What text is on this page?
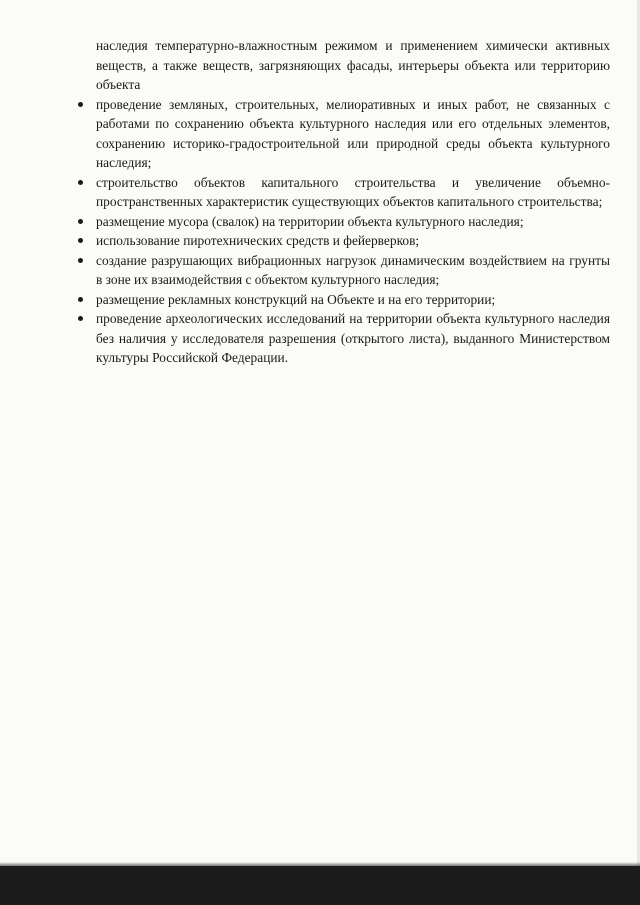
наследия температурно-влажностным режимом и применением химически активных веществ, а также веществ, загрязняющих фасады, интерьеры объекта или территорию объекта

проведение земляных, строительных, мелиоративных и иных работ, не связанных с работами по сохранению объекта культурного наследия или его отдельных элементов, сохранению историко-градостроительной или природной среды объекта культурного наследия;
строительство объектов капитального строительства и увеличение объемно-пространственных характеристик существующих объектов капитального строительства;
размещение мусора (свалок) на территории объекта культурного наследия;
использование пиротехнических средств и фейерверков;
создание разрушающих вибрационных нагрузок динамическим воздействием на грунты в зоне их взаимодействия с объектом культурного наследия;
размещение рекламных конструкций на Объекте и на его территории;
проведение археологических исследований на территории объекта культурного наследия без наличия у исследователя разрешения (открытого листа), выданного Министерством культуры Российской Федерации.
